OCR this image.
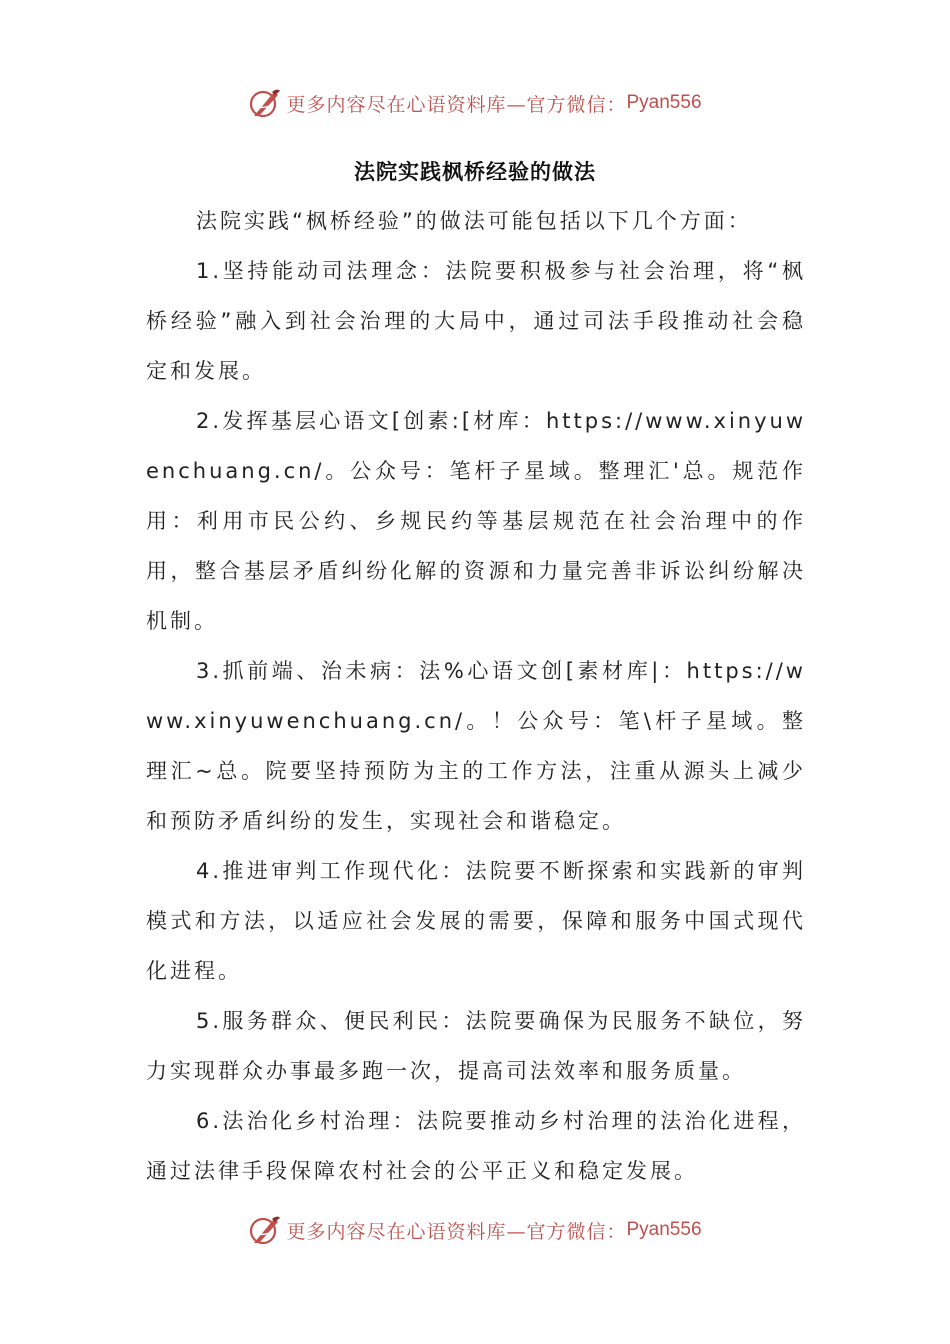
更多内容尽在心语资料库—官方微信： Pyan556
法院实践枫桥经验的做法

法院实践“枫桥经验”的做法可能包括以下几个方面：

1.坚持能动司法理念：法院要积极参与社会治理，将“枫桥经验”融入到社会治理的大局中，通过司法手段推动社会稳定和发展。

2.发挥基层心语文[创素:[材库：https://www.xinyuwenchuang.cn/。公众号：笔杆子星域。整理汇'总。规范作用：利用市民公约、乡规民约等基层规范在社会治理中的作用，整合基层矛盾纠纷化解的资源和力量完善非诉讼纠纷解决机制。

3.抓前端、治未病：法%心语文创[素材库|：https://www.xinyuwenchuang.cn/。！公众号：笔\杆子星域。整理汇~总。院要坚持预防为主的工作方法，注重从源头上减少和预防矛盾纠纷的发生，实现社会和谐稳定。

4.推进审判工作现代化：法院要不断探索和实践新的审判模式和方法，以适应社会发展的需要，保障和服务中国式现代化进程。

5.服务群众、便民利民：法院要确保为民服务不缺位，努力实现群众办事最多跑一次，提高司法效率和服务质量。

6.法治化乡村治理：法院要推动乡村治理的法治化进程，通过法律手段保障农村社会的公平正义和稳定发展。

更多内容尽在心语资料库—官方微信： Pyan556
